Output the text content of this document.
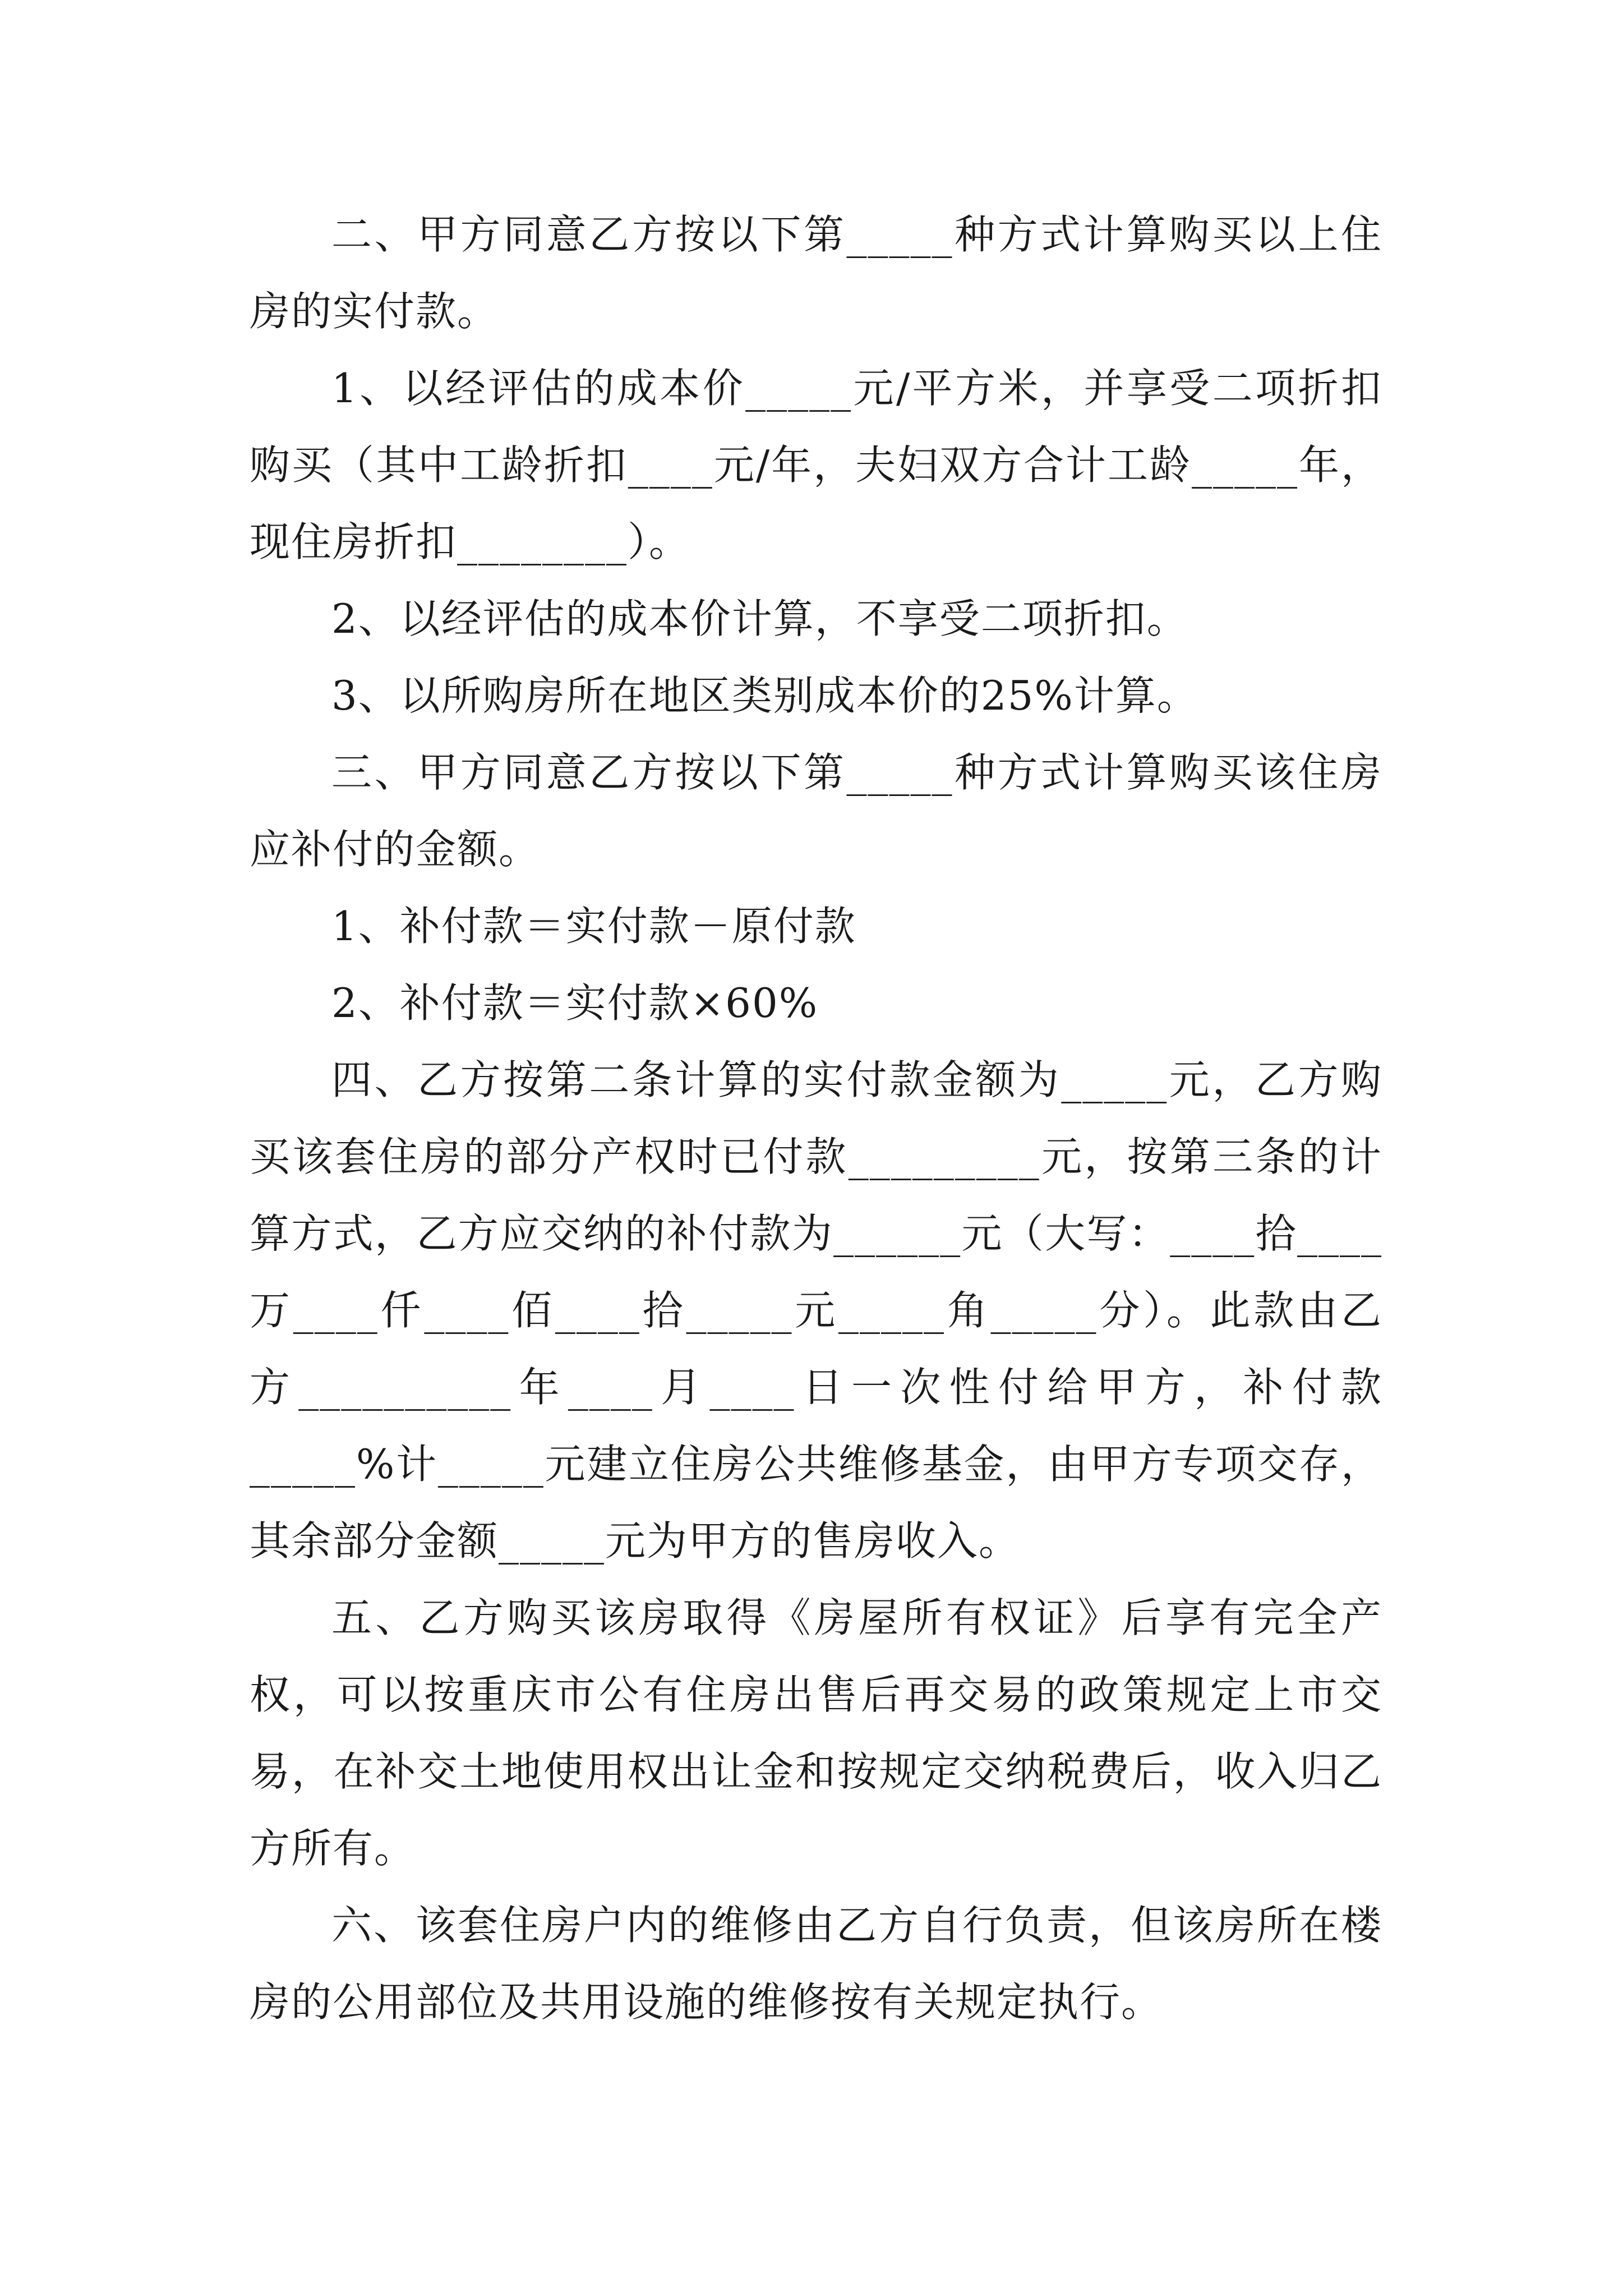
二、甲方同意乙方按以下第_____种方式计算购买以上住房的实付款。

1、以经评估的成本价_____元/平方米，并享受二项折扣购买（其中工龄折扣____元/年，夫妇双方合计工龄_____年，现住房折扣________）。

2、以经评估的成本价计算，不享受二项折扣。

3、以所购房所在地区类别成本价的25%计算。

三、甲方同意乙方按以下第_____种方式计算购买该住房应补付的金额。

1、补付款＝实付款－原付款

2、补付款＝实付款×60%

四、乙方按第二条计算的实付款金额为_____元，乙方购买该套住房的部分产权时已付款_________元，按第三条的计算方式，乙方应交纳的补付款为______元（大写：____拾____万____仟____佰____拾_____元_____角_____分）。此款由乙方__________年____月____日一次性付给甲方，补付款_____%计_____元建立住房公共维修基金，由甲方专项交存，其余部分金额_____元为甲方的售房收入。

五、乙方购买该房取得《房屋所有权证》后享有完全产权，可以按重庆市公有住房出售后再交易的政策规定上市交易，在补交土地使用权出让金和按规定交纳税费后，收入归乙方所有。

六、该套住房户内的维修由乙方自行负责，但该房所在楼房的公用部位及共用设施的维修按有关规定执行。
